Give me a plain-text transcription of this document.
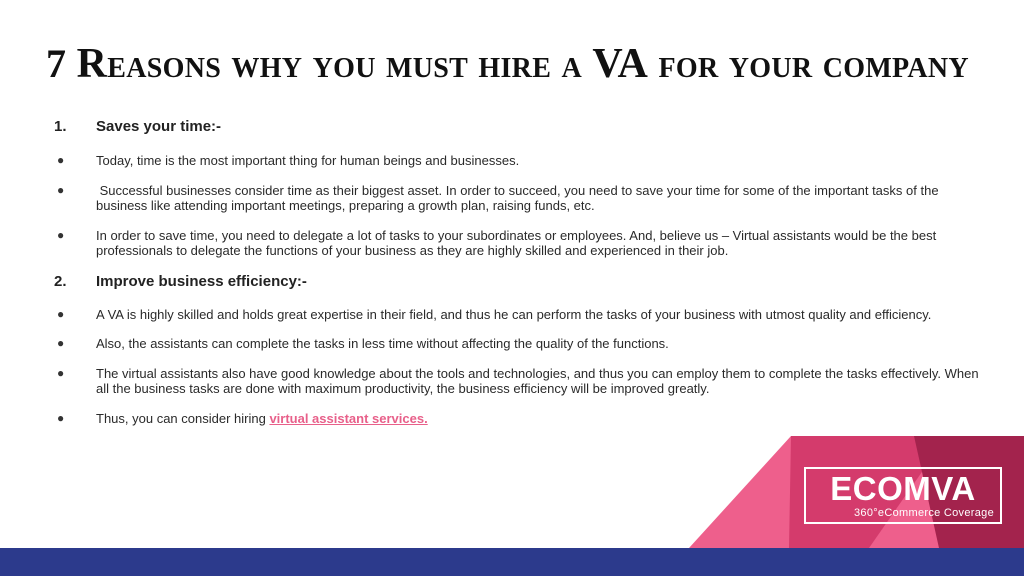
7 Reasons why you must hire a VA for your company
1.	Saves your time:-
●	Today, time is the most important thing for human beings and businesses.
●	Successful businesses consider time as their biggest asset. In order to succeed, you need to save your time for some of the important tasks of the business like attending important meetings, preparing a growth plan, raising funds, etc.
●	In order to save time, you need to delegate a lot of tasks to your subordinates or employees. And, believe us – Virtual assistants would be the best professionals to delegate the functions of your business as they are highly skilled and experienced in their job.
2.	Improve business efficiency:-
●	A VA is highly skilled and holds great expertise in their field, and thus he can perform the tasks of your business with utmost quality and efficiency.
●	Also, the assistants can complete the tasks in less time without affecting the quality of the functions.
●	The virtual assistants also have good knowledge about the tools and technologies, and thus you can employ them to complete the tasks effectively. When all the business tasks are done with maximum productivity, the business efficiency will be improved greatly.
●	Thus, you can consider hiring virtual assistant services.
ECOMVA
360°eCommerce Coverage
